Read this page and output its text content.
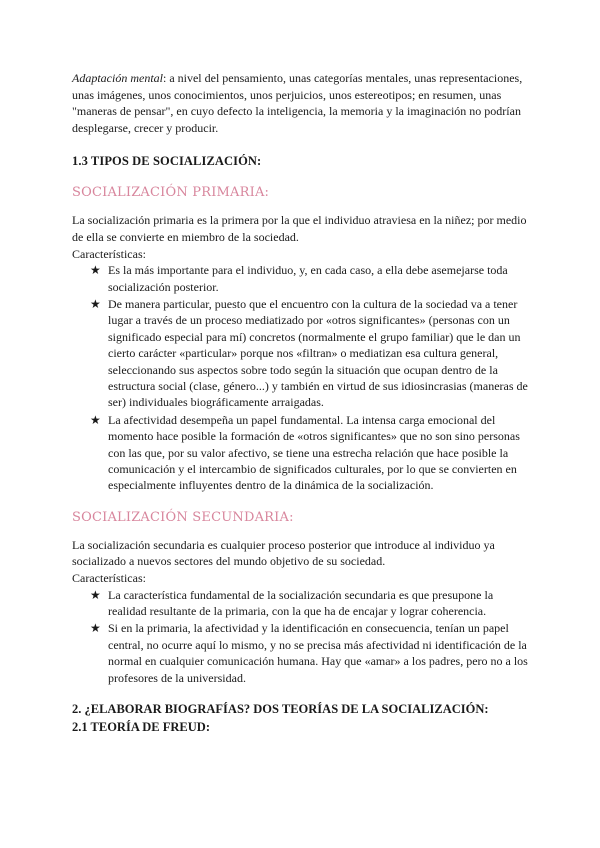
Adaptación mental: a nivel del pensamiento, unas categorías mentales, unas representaciones, unas imágenes, unos conocimientos, unos perjuicios, unos estereotipos; en resumen, unas "maneras de pensar", en cuyo defecto la inteligencia, la memoria y la imaginación no podrían desplegarse, crecer y producir.

1.3 TIPOS DE SOCIALIZACIÓN:
SOCIALIZACIÓN PRIMARIA:

La socialización primaria es la primera por la que el individuo atraviesa en la niñez; por medio de ella se convierte en miembro de la sociedad.

Características:

★ Es la más importante para el individuo, y, en cada caso, a ella debe asemejarse toda socialización posterior.
★ De manera particular, puesto que el encuentro con la cultura de la sociedad va a tener lugar a través de un proceso mediatizado por «otros significantes» (personas con un significado especial para mí) concretos (normalmente el grupo familiar) que le dan un cierto carácter «particular» porque nos «filtran» o mediatizan esa cultura general, seleccionando sus aspectos sobre todo según la situación que ocupan dentro de la estructura social (clase, género...) y también en virtud de sus idiosincrasias (maneras de ser) individuales biográficamente arraigadas.
★ La afectividad desempeña un papel fundamental. La intensa carga emocional del momento hace posible la formación de «otros significantes» que no son sino personas con las que, por su valor afectivo, se tiene una estrecha relación que hace posible la comunicación y el intercambio de significados culturales, por lo que se convierten en especialmente influyentes dentro de la dinámica de la socialización.
SOCIALIZACIÓN SECUNDARIA:

La socialización secundaria es cualquier proceso posterior que introduce al individuo ya socializado a nuevos sectores del mundo objetivo de su sociedad.

Características:

★ La característica fundamental de la socialización secundaria es que presupone la realidad resultante de la primaria, con la que ha de encajar y lograr coherencia.
★ Si en la primaria, la afectividad y la identificación en consecuencia, tenían un papel central, no ocurre aquí lo mismo, y no se precisa más afectividad ni identificación de la normal en cualquier comunicación humana. Hay que «amar» a los padres, pero no a los profesores de la universidad.
2. ¿ELABORAR BIOGRAFÍAS? DOS TEORÍAS DE LA SOCIALIZACIÓN:
2.1 TEORÍA DE FREUD:
